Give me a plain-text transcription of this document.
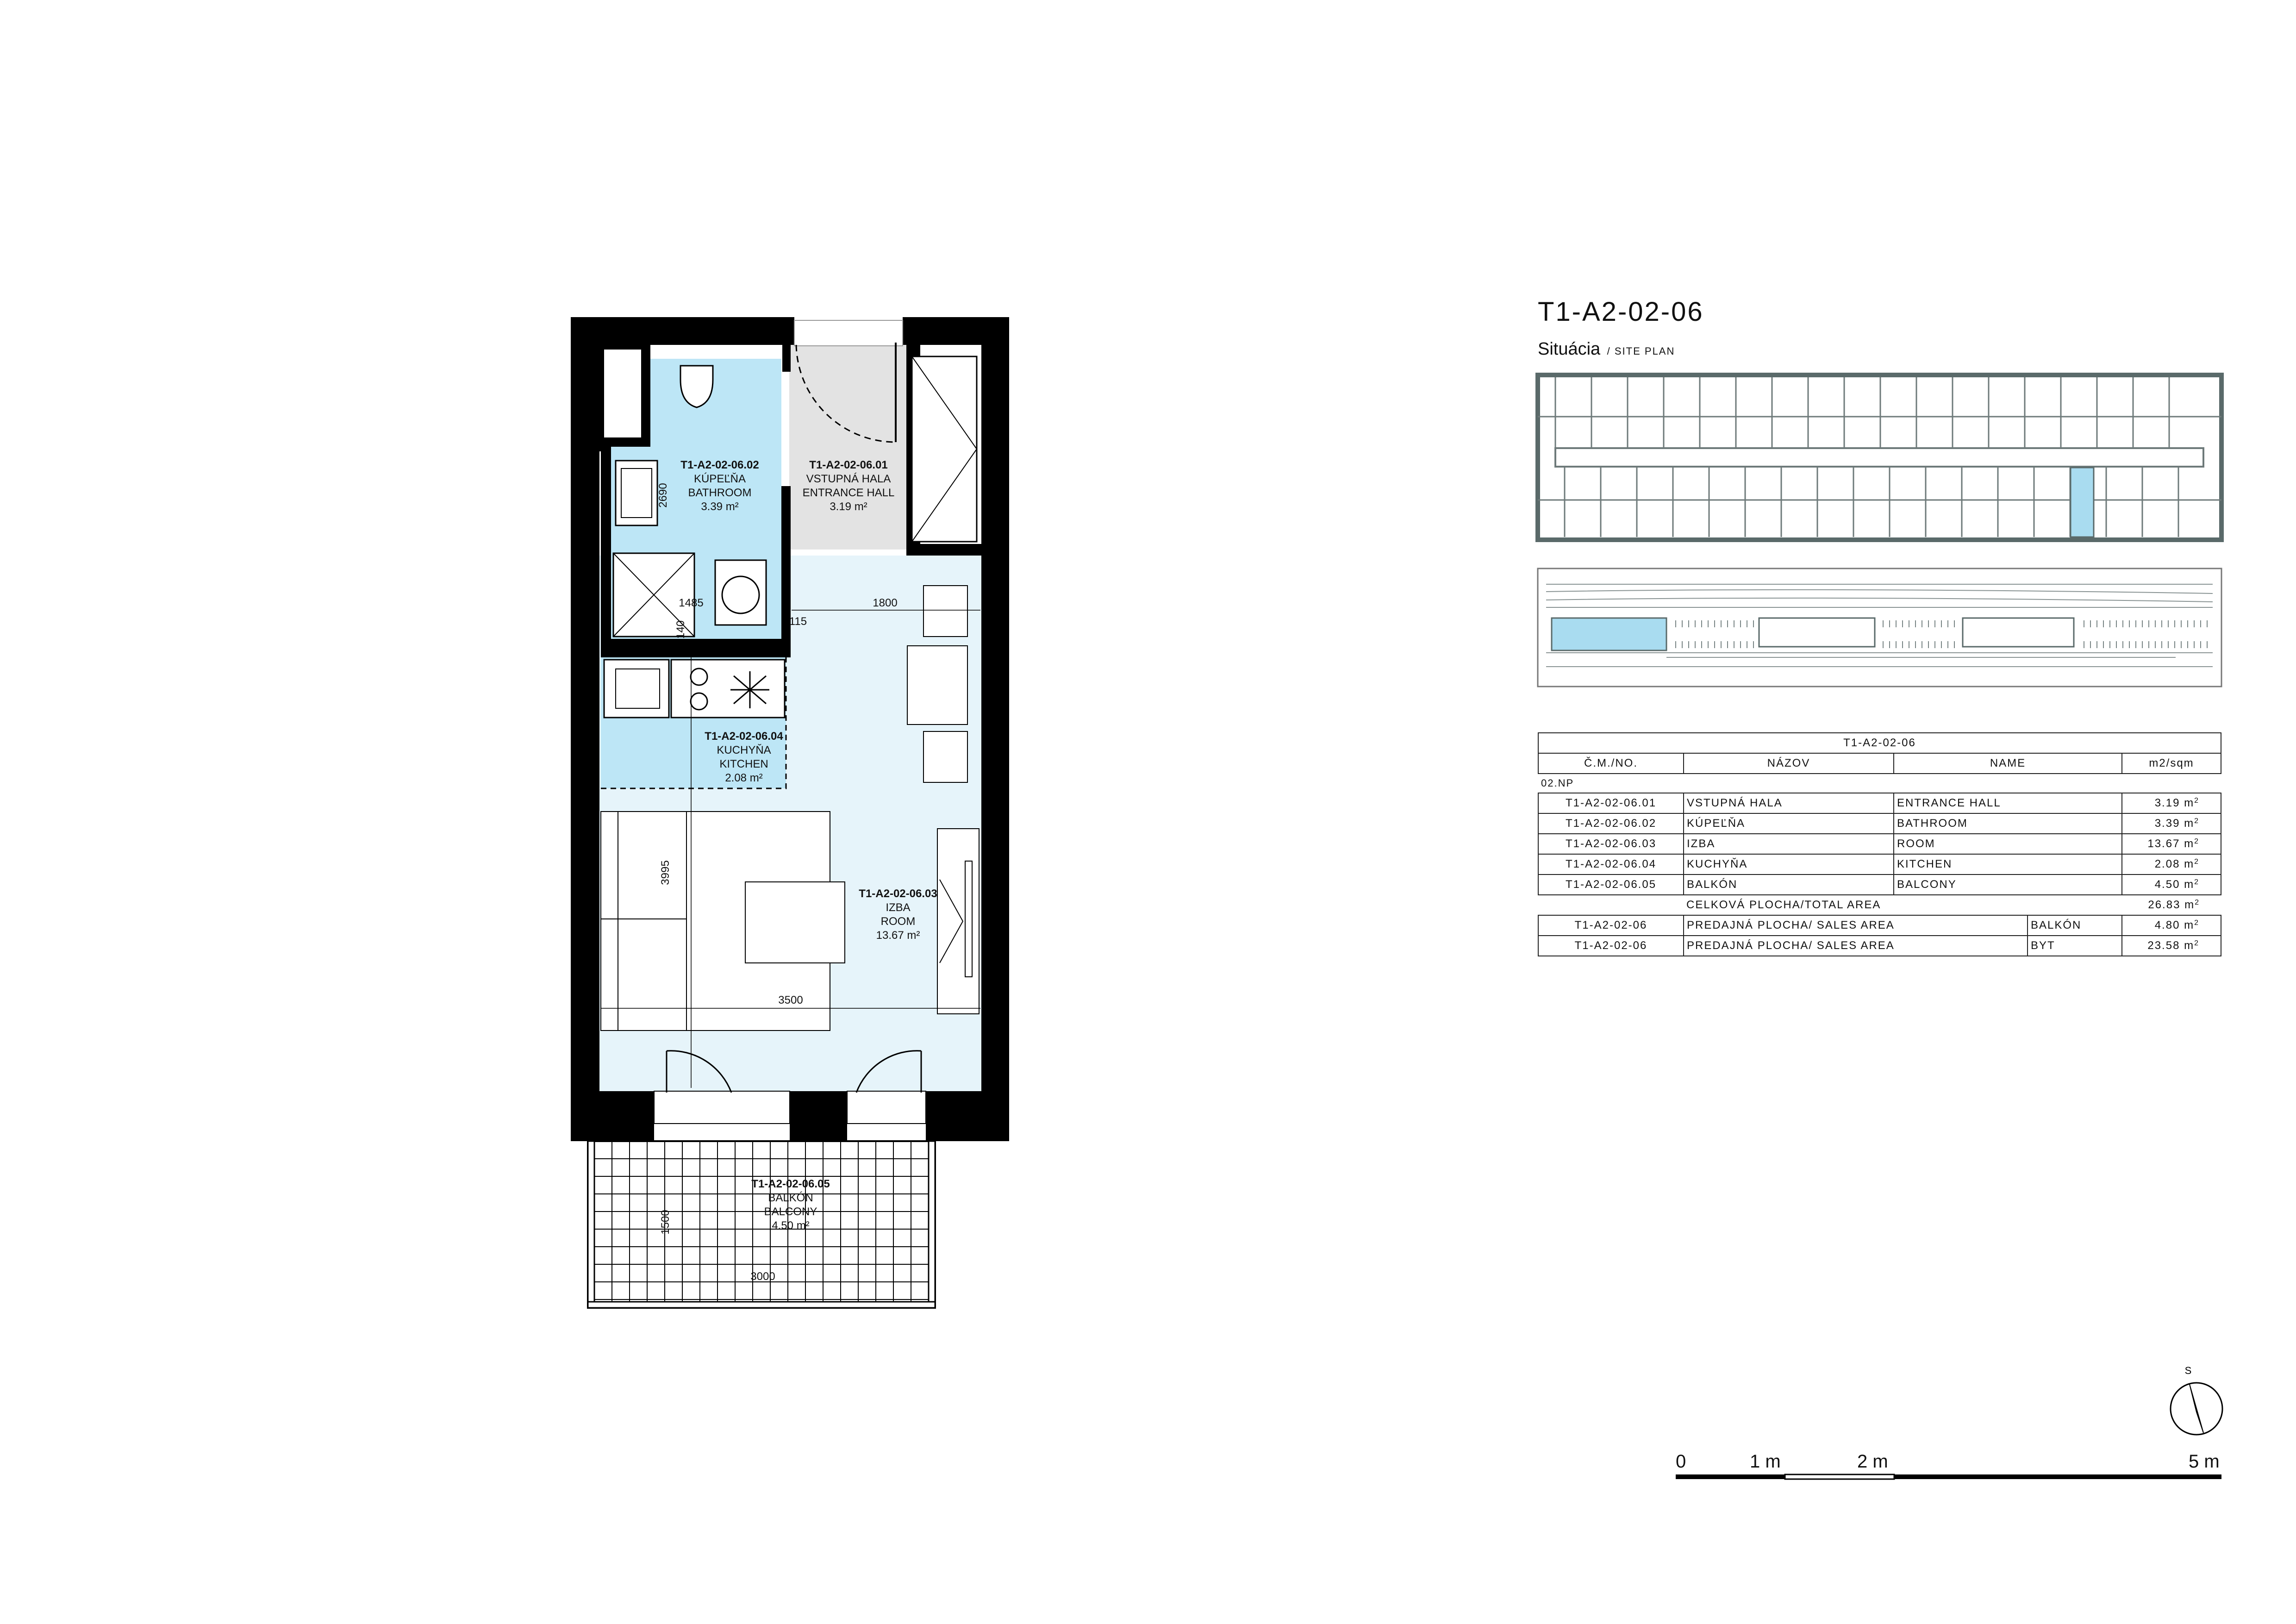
T1-A2-02-06.02
KÚPEĽŇA
BATHROOM
3.39 m²
T1-A2-02-06.01
VSTUPNÁ HALA
ENTRANCE HALL
3.19 m²
T1-A2-02-06.04
KUCHYŇA
KITCHEN
2.08 m²
T1-A2-02-06.03
IZBA
ROOM
13.67 m²
T1-A2-02-06.05
BALKÓN
BALCONY
4.50 m²
2690
1485
140	115
1800
3995
3500
1500
3000
T1-A2-02-06
Situácia / SITE PLAN
T1-A2-02-06				
Č.M./NO.	NÁZOV	NAME		m2/sqm
02.NP				
T1-A2-02-06.01	VSTUPNÁ HALA	ENTRANCE HALL		3.19 $m^2$
T1-A2-02-06.02	KÚPEĽŇA	BATHROOM		3.39 $m^2$
T1-A2-02-06.03	IZBA	ROOM		13.67 $m^2$
T1-A2-02-06.04	KUCHYŇA	KITCHEN		2.08 $m^2$
T1-A2-02-06.05	BALKÓN	BALCONY		4.50 $m^2$
	CELKOVÁ PLOCHA/TOTAL AREA			26.83 $m^2$
T1-A2-02-06	PREDAJNÁ PLOCHA/ SALES AREA		BALKÓN	4.80 $m^2$
T1-A2-02-06	PREDAJNÁ PLOCHA/ SALES AREA		BYT	23.58 $m^2$
S
0	1 m	2 m	5 m
